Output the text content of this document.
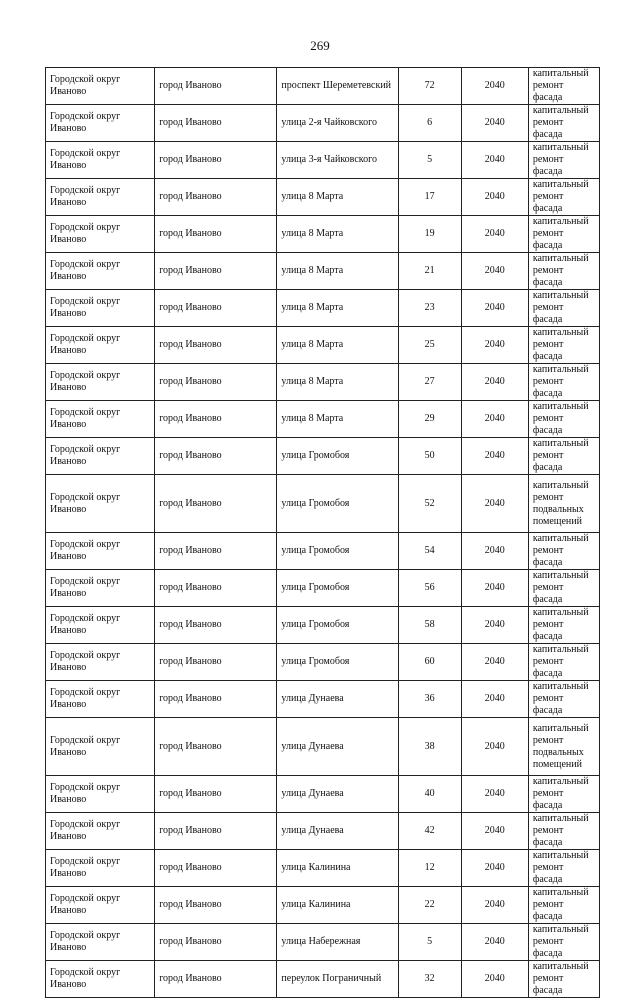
269
Городской округ Иваново	город Иваново	проспект Шереметевский	72	2040	капитальный ремонт фасада
Городской округ Иваново	город Иваново	улица 2-я Чайковского	6	2040	капитальный ремонт фасада
Городской округ Иваново	город Иваново	улица 3-я Чайковского	5	2040	капитальный ремонт фасада
Городской округ Иваново	город Иваново	улица 8 Марта	17	2040	капитальный ремонт фасада
Городской округ Иваново	город Иваново	улица 8 Марта	19	2040	капитальный ремонт фасада
Городской округ Иваново	город Иваново	улица 8 Марта	21	2040	капитальный ремонт фасада
Городской округ Иваново	город Иваново	улица 8 Марта	23	2040	капитальный ремонт фасада
Городской округ Иваново	город Иваново	улица 8 Марта	25	2040	капитальный ремонт фасада
Городской округ Иваново	город Иваново	улица 8 Марта	27	2040	капитальный ремонт фасада
Городской округ Иваново	город Иваново	улица 8 Марта	29	2040	капитальный ремонт фасада
Городской округ Иваново	город Иваново	улица Громобоя	50	2040	капитальный ремонт фасада
Городской округ Иваново	город Иваново	улица Громобоя	52	2040	капитальный ремонт подвальных помещений
Городской округ Иваново	город Иваново	улица Громобоя	54	2040	капитальный ремонт фасада
Городской округ Иваново	город Иваново	улица Громобоя	56	2040	капитальный ремонт фасада
Городской округ Иваново	город Иваново	улица Громобоя	58	2040	капитальный ремонт фасада
Городской округ Иваново	город Иваново	улица Громобоя	60	2040	капитальный ремонт фасада
Городской округ Иваново	город Иваново	улица Дунаева	36	2040	капитальный ремонт фасада
Городской округ Иваново	город Иваново	улица Дунаева	38	2040	капитальный ремонт подвальных помещений
Городской округ Иваново	город Иваново	улица Дунаева	40	2040	капитальный ремонт фасада
Городской округ Иваново	город Иваново	улица Дунаева	42	2040	капитальный ремонт фасада
Городской округ Иваново	город Иваново	улица Калинина	12	2040	капитальный ремонт фасада
Городской округ Иваново	город Иваново	улица Калинина	22	2040	капитальный ремонт фасада
Городской округ Иваново	город Иваново	улица Набережная	5	2040	капитальный ремонт фасада
Городской округ Иваново	город Иваново	переулок Пограничный	32	2040	капитальный ремонт фасада
